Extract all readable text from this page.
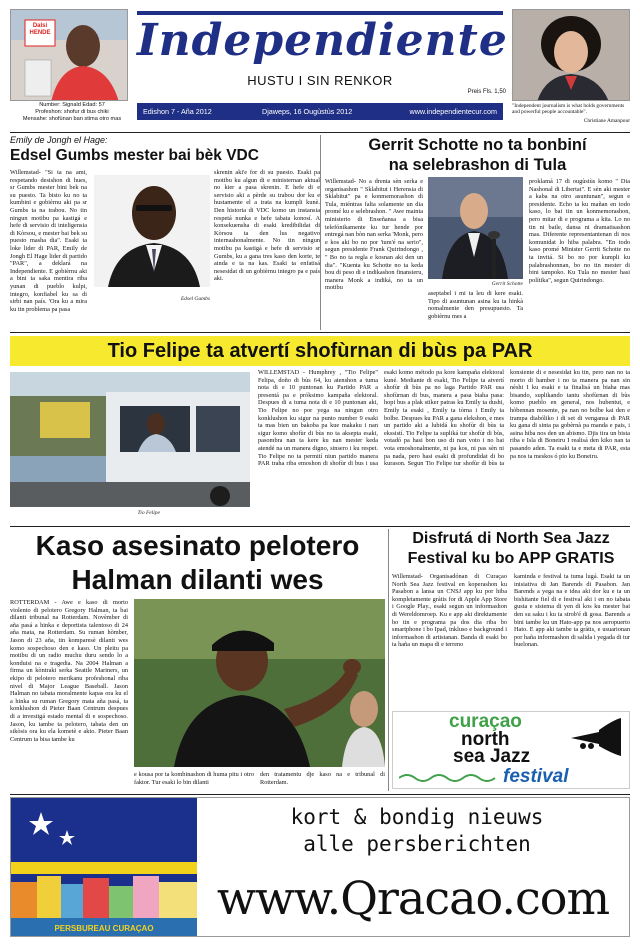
Dalsi HENDE
Number: Signald Edad: 57
Profeshon: shofur di bus chiki
Mensahe: shofùnan ban stima otro mas
Independiente
HUSTU I SIN RENKOR
Preis Fls. 1,50
Edishon 7 - Aña 2012	Djaweps, 16 Ougùstùs 2012	www.independientecur.com
"Independent journalism is what holds governments and powerful people accountable".
Christiane Amanpour
Emily de Jongh el Hage:
Edsel Gumbs mester bai bèk VDC
Willemstad- "Si ta na ami, respetando desishon di hues, sr Gumbs mester bini bek na su puesto. Ta bisto ku no ta kumbini e gobièrnu aki pa sr Gumbs ta na trabou. No tin ningun motibu pa kastigá e hefe di servisio di inteligensia di Kòrsou, e mester bai bek su puesto masha dia". Esaki ta loke lider di PAR, Emily de Jongh El Hage lider di partido "PAR", a deklará na Independiente. E gobièrnu aki a bini ta saka mentira riba yunan di pueblo kulpi, integro, konfiabel ku sa di sirbi nan país. 'Ora ku a mira ku tin problema pa pasa
Edsel Gumbs
skrenin aki'e for di su puesto. Esaki pa motibu ku algun di e ministernan aktual no kier a pasa skrenin. E hefe di e servisio aki a pèrde su trabou dor ku e hustamente el a trata na kumpli kunè. Den historia di VDC komo un instansia respetá nunka e hefe tabata konosí. A konsekuensha di esaki kredibilidat di Kòrsou ta den lus negativo internashonalmente. No tin ningun motibu pa kastigá e hefe di servisio sr Gumbs, ku a gana tres kaso den korte, te ainda e ta na kas. Esaki ta enfatisá nesesidat di un gobièrnu integro pa e país aki.
Gerrit Schotte no ta bonbiní
na selebrashon di Tula
Willemstad- No a drenta sèn serka e organisashon " Sklabitut i Herensia di Sklabitut" pa e konmemorashon di Tula, miéntras falta solamente un dia promé ku e selebrashon. " Awe mainta ministerio di Enseñansa a bisa telefónikamente ku tur hende por entregá nan bòn nan serka 'Monk, pero e kos aki bo no por 'tum'é na serio", segun presidente Frank Quirindongo , " Bo no ta regla e kosnan aki den un dia". "Kuenta ku Schotte no ta keda bou di peso di e indikashon finansieru, manera Monk a indiká, no ta un motibu
Gerrit Schotte
aseptabel i mi ta leu di kere esaki. Tipo di asuntunan asina ku ta hinkà nomalmente den presupuesto. Ta gobièrnu mes a
proklamá 17 di ougùstùs komo " Dia Nashonal di Libertat". E sèn aki mester a kaba na otro asuntunan", segun e presidente. Echo ta ku mañan en todo kaso, lo bai tin un konmemorashon, pero mitar di e programa a kita. Lo no tin ni baile, dansa ni dramatisashon mas. Diferente representantenan di nos komunidat lo hiba palabra. "En todo kaso promé Minister Gerrit Schotte no ta invitá. Si bo no por kumpli ku palabrashonnan, bo no tin mester di bini tampoko. Ku Tula no mester hasi polítika", segun Quirindongo.
Tio Felipe ta atvertí shofùrnan di bùs pa PAR
Tio Felipe
WILLEMSTAD - Humphrey , "Tio Felipe" Felipa, doño di bùs 64, ku atenshon a tuma nota di e 10 puntonan ku Partido PAR a presentá pa e próksimo kampaña elektoral. Despues di a tuma nota di e 10 puntonan aki, Tio Felipe no por yega na ningun otro konklushon ku sigur na punto number 9 esaki ta mas bien un bakoba pa kue makaku i nan sigur komo shofùr di bùs no ta aksepta esaki, pasombra nan ta kere ku nan mester keda atendé na un manera digno, sinsero i ku respet. Tio Felipe no ta permití niun partido manera PAR traha riba emoshon di shofùr di bus i usa esaki komo método pa kore kampaña elektoral kuné. Mediante di esaki, Tio Felipe ta atvertí shofùr di bùs pa no laga Partido PAR usa shofùrnan di bus, manera a pasa biaha pasa: hopi bus a plak stiker patras ku Emily ta dushi, Emily ta esaki , Emily ta tòrna i Emily ta bolbe. Despues ku PAR a gana elekshon, e mes un partido aki a lubidá ku shofùr di bùs ta ekssistí. Tio Felipe ta supliká tur shofùr di bùs, votadó pa hasi bon uso di nan voto i no bai vota emoshonalmente, ni pa kos, ni pas sèn ni pa nada, pero hasi esaki di profundidat di bo kurason. Segun Tio Felipe tur shofùr di bùs ta konsiente di e nesesidat ku tin, pero nan no ta morto di hamber i no ta manera pa nan sin nèshi I ku esaki e ta finalisá un biaha mas bisando, suplikando tantu shofùrnan di bùs komo pueblo en general, nos hubentut, e hòbennan mosente, pa nan no bolbe kai den e trampa diabóliko i di set di vengansa di PAR ku gana di sinta pa gobèrnà pa manda e pais, i asina hiba nos den un abismo. Djis tira un bista riba e Isla di Boneiru I realisá den kiko nan ta pasando aden. Ta esaki ta e meta di PAR, esta pa nos ta meskos ó pio ku Boneiru.
Kaso asesinato pelotero
Halman dilanti wes
ROTTERDAM - Awe e kaso di morto violento di pelotero Gregory Halman, ta bai dilanti tribunal na Rotterdam. Novèmber di aña pasá a hinka e deportista talentoso di 24 aña mata, na Rotterdam. Su ruman hòmber, Jason di 23 aña, tin komparesè dilanti wes komo sospechoso den e kaso. Un pleitu pa motibu di un radio muchu duru sendo lo a konduisi na e tragedia. Na 2004 Halman a firma un kòntraki serka Seattle Mariners, un ekipo di pelotero merikanu profeshonal riba nivel di Major League Baseball. Jason Halman no tabata moralmente kapas ora ku el a hinka su ruman Gregory mata aña pasá, ta konklushon di Pieter Baan Centrum despues di a investigá estado mental di e sospechoso. Jason, ku tambe ta pelotero, tabata den un sikòsis ora ku ela kometè e akto. Pieter Baan Centrum ta bisa tambe ku
e kousa por ta kombinashon di huma pitu i otro faktor. Tur esaki lo bin dilanti
den tratamentu dje kaso na e tribunal di Rotterdam.
Disfrutá di North Sea Jazz
Festival ku bo APP GRATIS
Willemstad- Organisadónan di Curaçao North Sea Jazz festival en koperashon ku Pasabon a lansa un CNSJ app ku por hiba kompletamente grátis for di Apple App Store i Google Play., esaki segun un informashon di Wereldomroep. Ku e app aki direktamente bo tin e programa pa dos dia riba bo smartphone i bo Ipad, inkluso e background i informashon di artistanan. Banda di esaki bo ta haña un mapa di e terreno
kaminda e festival ta tuma lugá. Esaki ta un inisiativa di Jan Barends di Pasabon. Jan Barends a yega na e idea aki dor ku e ta un bishitante fiel di e festival aki i en no tabata gusta e sistema di yen di kos ku mester bai den su saku i ku ta strob'é di gosa. Barends a bini tambe ku un Hato-app pa nos aeropuerto Hato. E app aki tambe ta grátis, e usuarionan por haña informashon di salida i yegada di tur buelonan.
curaçao
north
sea Jazz
festival
PERSBUREAU CURAÇAO
kort & bondig nieuws
alle persberichten
www.Qracao.com
